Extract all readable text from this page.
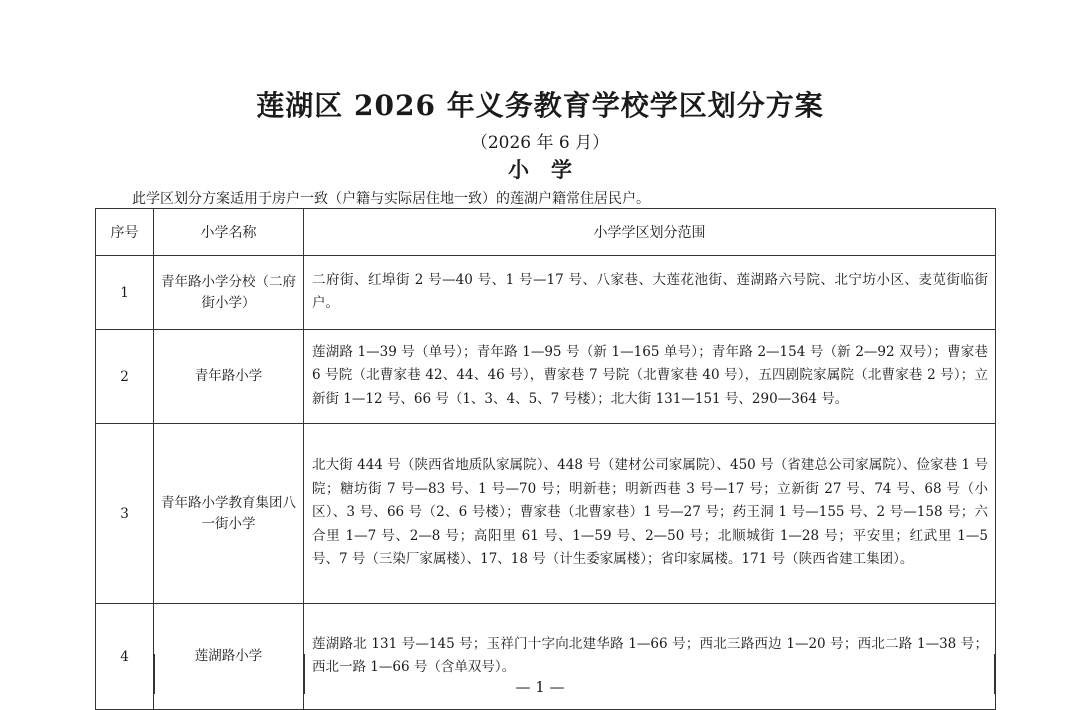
莲湖区 2026 年义务教育学校学区划分方案
（2026 年 6 月）
小学
此学区划分方案适用于房户一致（户籍与实际居住地一致）的莲湖户籍常住居民户。
序号	小学名称	小学学区划分范围
1	青年路小学分校（二府街小学）	二府街、红埠街 2 号—40 号、1 号—17 号、八家巷、大莲花池街、莲湖路六号院、北宁坊小区、麦苋街临街户。
2	青年路小学	莲湖路 1—39 号（单号）；青年路 1—95 号（新 1—165 单号）；青年路 2—154 号（新 2—92 双号）；曹家巷 6 号院（北曹家巷 42、44、46 号），曹家巷 7 号院（北曹家巷 40 号），五四剧院家属院（北曹家巷 2 号）；立新街 1—12 号、66 号（1、3、4、5、7 号楼）；北大街 131—151 号、290—364 号。
3	青年路小学教育集团八一街小学	北大街 444 号（陕西省地质队家属院）、448 号（建材公司家属院）、450 号（省建总公司家属院）、俭家巷 1 号院；糖坊街 7 号—83 号、1 号—70 号；明新巷；明新西巷 3 号—17 号；立新街 27 号、74 号、68 号（小区）、3 号、66 号（2、6 号楼）；曹家巷（北曹家巷）1 号—27 号；药王洞 1 号—155 号、2 号—158 号；六合里 1—7 号、2—8 号；高阳里 61 号、1—59 号、2—50 号；北顺城街 1—28 号；平安里；红武里 1—5 号、7 号（三染厂家属楼）、17、18 号（计生委家属楼）；省印家属楼。171 号（陕西省建工集团）。
4	莲湖路小学	莲湖路北 131 号—145 号；玉祥门十字向北建华路 1—66 号；西北三路西边 1—20 号；西北二路 1—38 号；西北一路 1—66 号（含单双号）。
— 1 —
